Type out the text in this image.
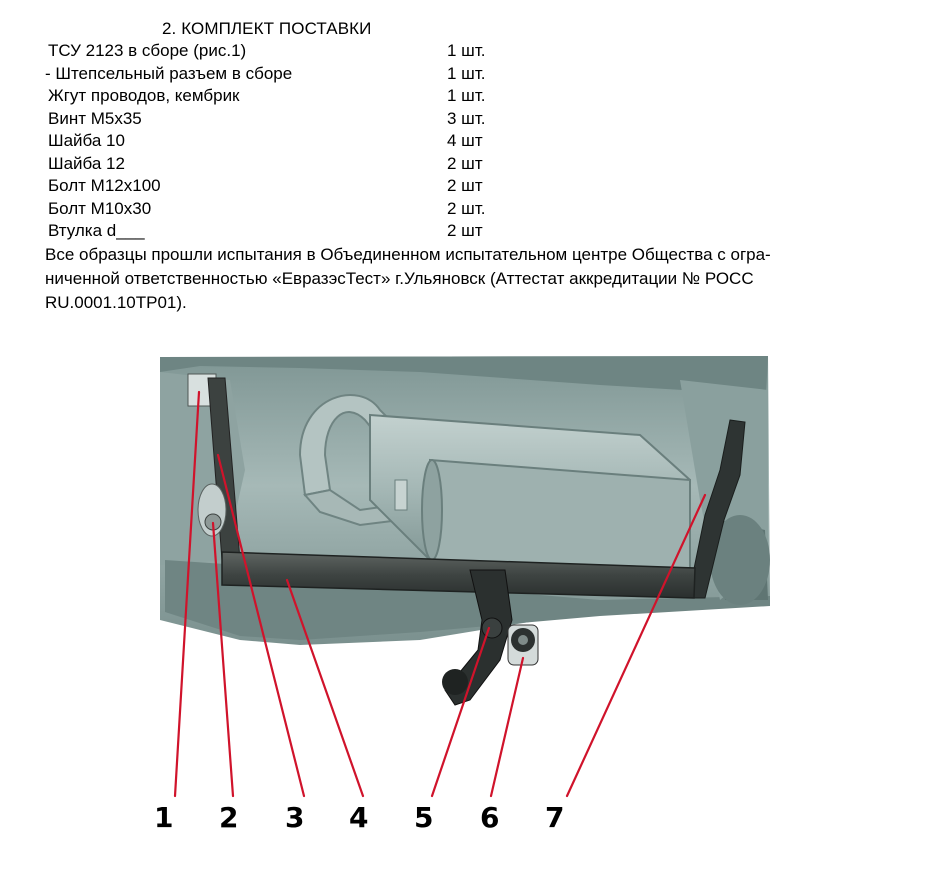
2. КОМПЛЕКТ ПОСТАВКИ
ТСУ 2123 в сборе (рис.1)	1 шт.
- Штепсельный разъем в сборе	1 шт.
Жгут проводов, кембрик	1 шт.
Винт М5х35	3 шт.
Шайба 10	4 шт
Шайба 12	2 шт
Болт М12х100	2 шт
Болт М10х30	2 шт.
Втулка d___	2 шт
Все образцы прошли испытания в Объединенном испытательном центре Общества с огра-
ниченной ответственностью «ЕвразэсТест» г.Ульяновск (Аттестат аккредитации № РОСС
RU.0001.10ТР01).
1 2 3 4 5 6 7
